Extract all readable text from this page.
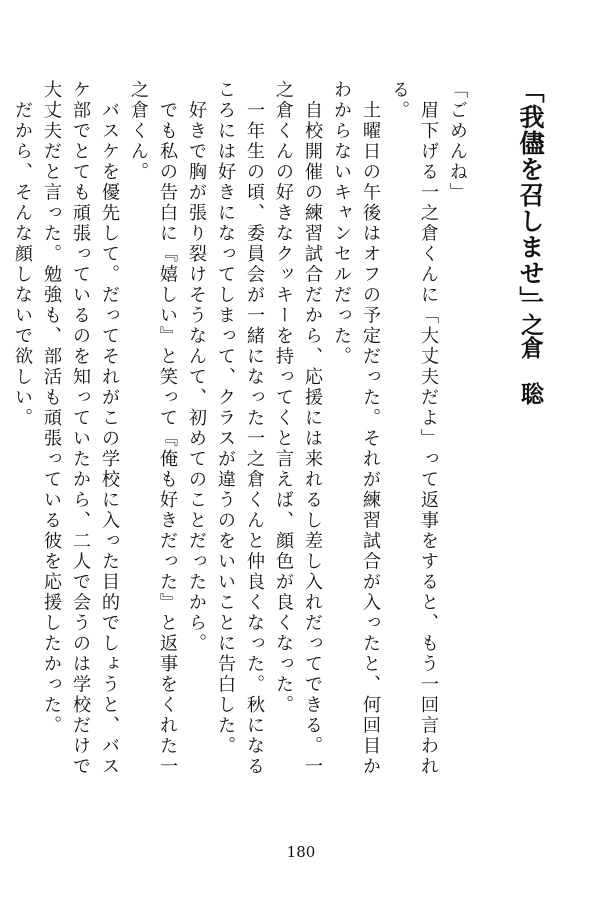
「我儘を召しませ」
一之倉　聡

「ごめんね」

　眉下げる一之倉くんに「大丈夫だよ」って返事をすると、もう一回言われる。

　土曜日の午後はオフの予定だった。それが練習試合が入ったと、何回目かわからないキャンセルだった。

　自校開催の練習試合だから、応援には来れるし差し入れだってできる。一之倉くんの好きなクッキーを持ってくと言えば、顔色が良くなった。

　一年生の頃、委員会が一緒になった一之倉くんと仲良くなった。秋になるころには好きになってしまって、クラスが違うのをいいことに告白した。

　好きで胸が張り裂けそうなんて、初めてのことだったから。

　でも私の告白に『嬉しい』と笑って『俺も好きだった』と返事をくれた一之倉くん。

　バスケを優先して。だってそれがこの学校に入った目的でしょうと、バスケ部でとても頑張っているのを知っていたから、二人で会うのは学校だけで大丈夫だと言った。勉強も、部活も頑張っている彼を応援したかった。

　だから、そんな顔しないで欲しい。

180
